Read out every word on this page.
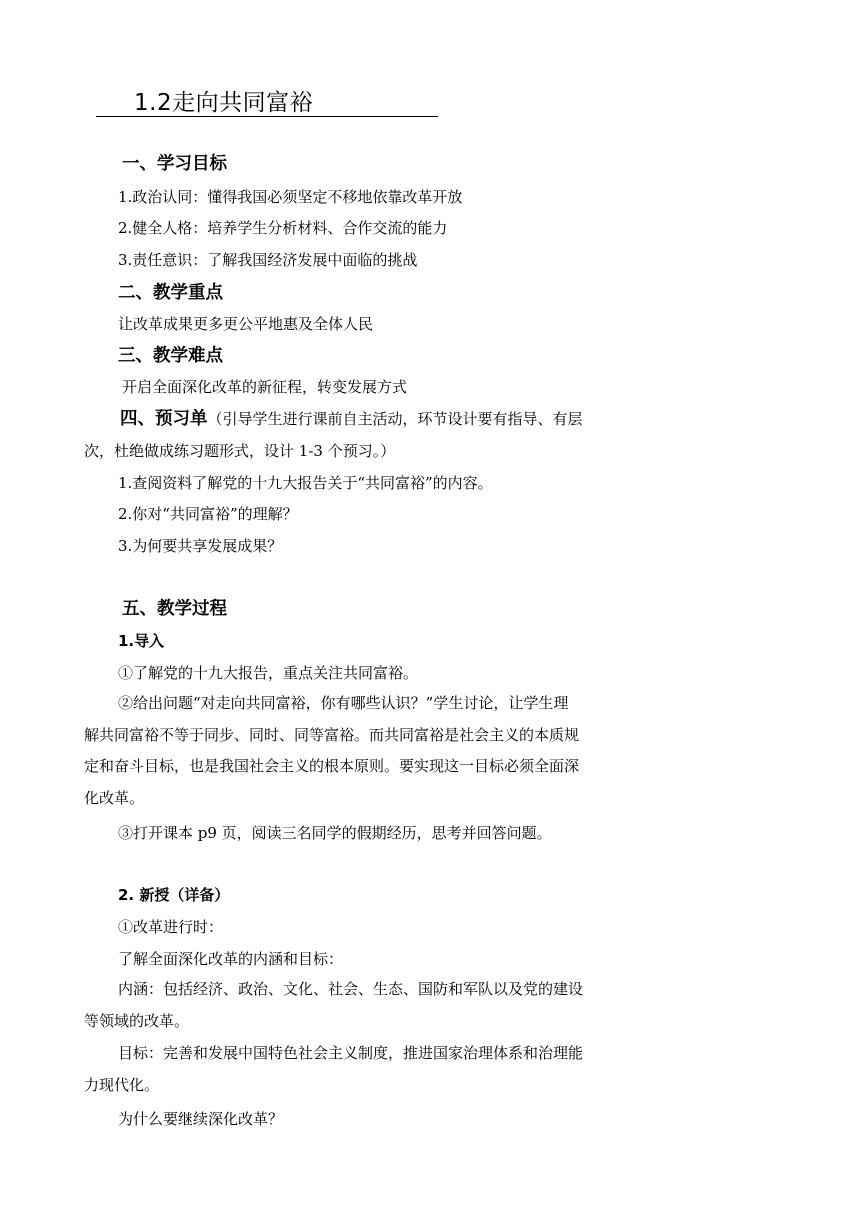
1.2走向共同富裕
一、学习目标
1.政治认同：懂得我国必须坚定不移地依靠改革开放
2.健全人格：培养学生分析材料、合作交流的能力
3.责任意识：了解我国经济发展中面临的挑战
二、教学重点
让改革成果更多更公平地惠及全体人民
三、教学难点
开启全面深化改革的新征程，转变发展方式
四、预习单（引导学生进行课前自主活动，环节设计要有指导、有层
次，杜绝做成练习题形式，设计 1-3 个预习。）
1.查阅资料了解党的十九大报告关于“共同富裕”的内容。
2.你对“共同富裕”的理解？
3.为何要共享发展成果？
五、教学过程
1.导入
①了解党的十九大报告，重点关注共同富裕。
②给出问题“对走向共同富裕，你有哪些认识？”学生讨论，让学生理
解共同富裕不等于同步、同时、同等富裕。而共同富裕是社会主义的本质规
定和奋斗目标，也是我国社会主义的根本原则。要实现这一目标必须全面深
化改革。
③打开课本 p9 页，阅读三名同学的假期经历，思考并回答问题。
2. 新授（详备）
①改革进行时：
了解全面深化改革的内涵和目标：
内涵：包括经济、政治、文化、社会、生态、国防和军队以及党的建设
等领域的改革。
目标：完善和发展中国特色社会主义制度，推进国家治理体系和治理能
力现代化。
为什么要继续深化改革？
